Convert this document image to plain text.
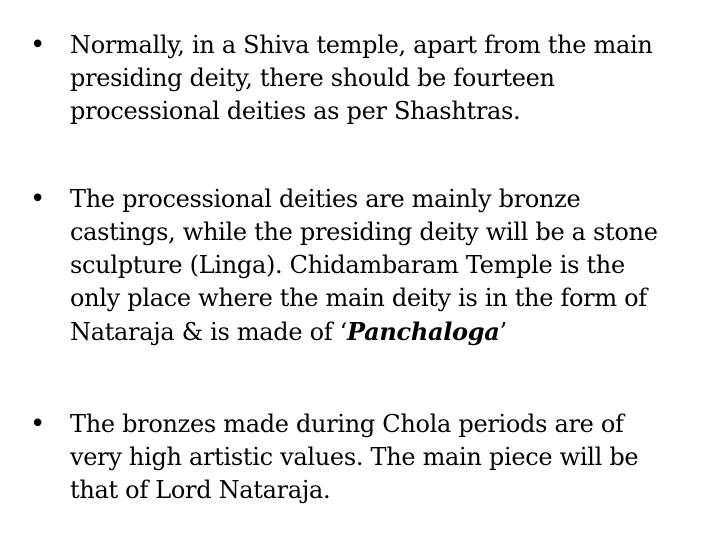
• Normally, in a Shiva temple, apart from the main
presiding deity, there should be fourteen
processional deities as per Shashtras.
• The processional deities are mainly bronze
castings, while the presiding deity will be a stone
sculpture (Linga). Chidambaram Temple is the
only place where the main deity is in the form of
Nataraja & is made of ‘Panchaloga’
• The bronzes made during Chola periods are of
very high artistic values. The main piece will be
that of Lord Nataraja.
